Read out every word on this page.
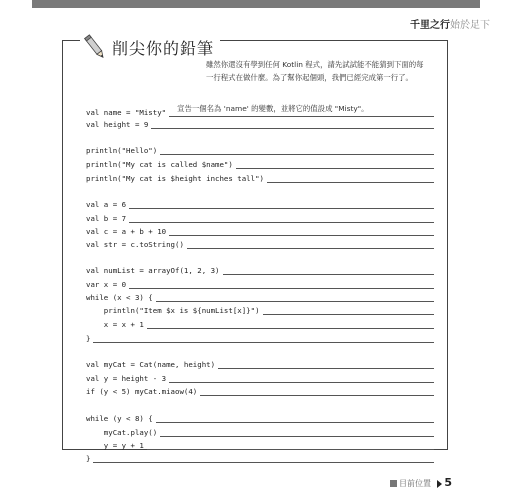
千里之行始於足下
削尖你的鉛筆
雖然你還沒有學到任何 Kotlin 程式，請先試試能不能猜到下面的每一行程式在做什麼。為了幫你起個頭，我們已經完成第一行了。
val name = "Misty" 宣告一個名為 'name' 的變數，並將它的值設成 "Misty"。
val height = 9
println("Hello")
println("My cat is called $name")
println("My cat is $height inches tall")
val a = 6
val b = 7
val c = a + b + 10
val str = c.toString()
val numList = arrayOf(1, 2, 3)
var x = 0
while (x < 3) {
println("Item $x is ${numList[x]}")
x = x + 1
}
val myCat = Cat(name, height)
val y = height - 3
if (y < 5) myCat.miaow(4)
while (y < 8) {
myCat.play()
y = y + 1
}
目前位置 5
